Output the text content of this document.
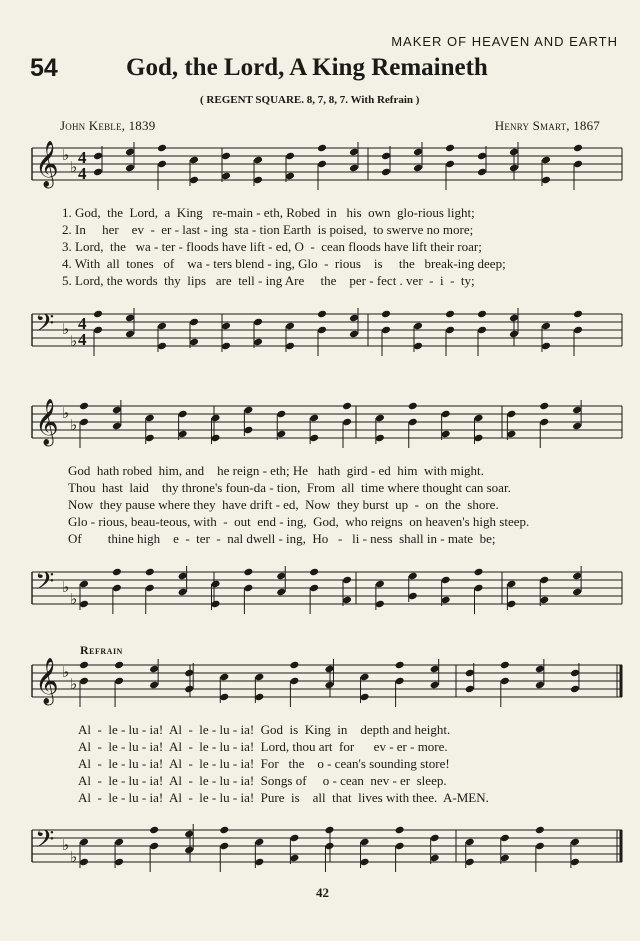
MAKER OF HEAVEN AND EARTH
54	God, the Lord, A King Remaineth
( REGENT SQUARE. 8, 7, 8, 7. With Refrain )
John Keble, 1839	Henry Smart, 1867
𝄞 ♭
♭ 4
4
𝄢 ♭
♭
4
4
𝄞 ♭
♭
𝄢 ♭
♭
Refrain
𝄞 ♭
♭
𝄢 ♭
♭
1. God,  the  Lord,  a  King   re-main - eth, Robed  in   his  own  glo-rious light;
2. In     her    ev  -  er - last - ing  sta - tion Earth  is poised,  to swerve no more;
3. Lord,  the   wa - ter - floods have lift - ed, O  -  cean floods have lift their roar;
4. With  all  tones   of    wa - ters blend - ing, Glo  -  rious    is     the   break-ing deep;
5. Lord, the words  thy  lips   are  tell - ing Are     the    per - fect . ver  -  i  -  ty;
God  hath robed  him, and    he reign - eth; He   hath  gird - ed  him  with might.
Thou  hast  laid    thy throne's foun-da - tion,  From  all  time where thought can soar.
Now  they pause where they  have drift - ed,  Now  they burst  up  -  on  the  shore.
Glo - rious, beau-teous, with  -  out  end - ing,  God,  who reigns  on heaven's high steep.
Of        thine high    e  -  ter  -  nal dwell - ing,  Ho   -   li - ness  shall in - mate  be;
Al  -  le - lu - ia!  Al  -  le - lu - ia!  God  is  King  in    depth and height.
Al  -  le - lu - ia!  Al  -  le - lu - ia!  Lord, thou art  for      ev - er - more.
Al  -  le - lu - ia!  Al  -  le - lu - ia!  For   the    o - cean's sounding store!
Al  -  le - lu - ia!  Al  -  le - lu - ia!  Songs of     o - cean  nev - er  sleep.
Al  -  le - lu - ia!  Al  -  le - lu - ia!  Pure  is    all  that  lives with thee.  A-MEN.
42
